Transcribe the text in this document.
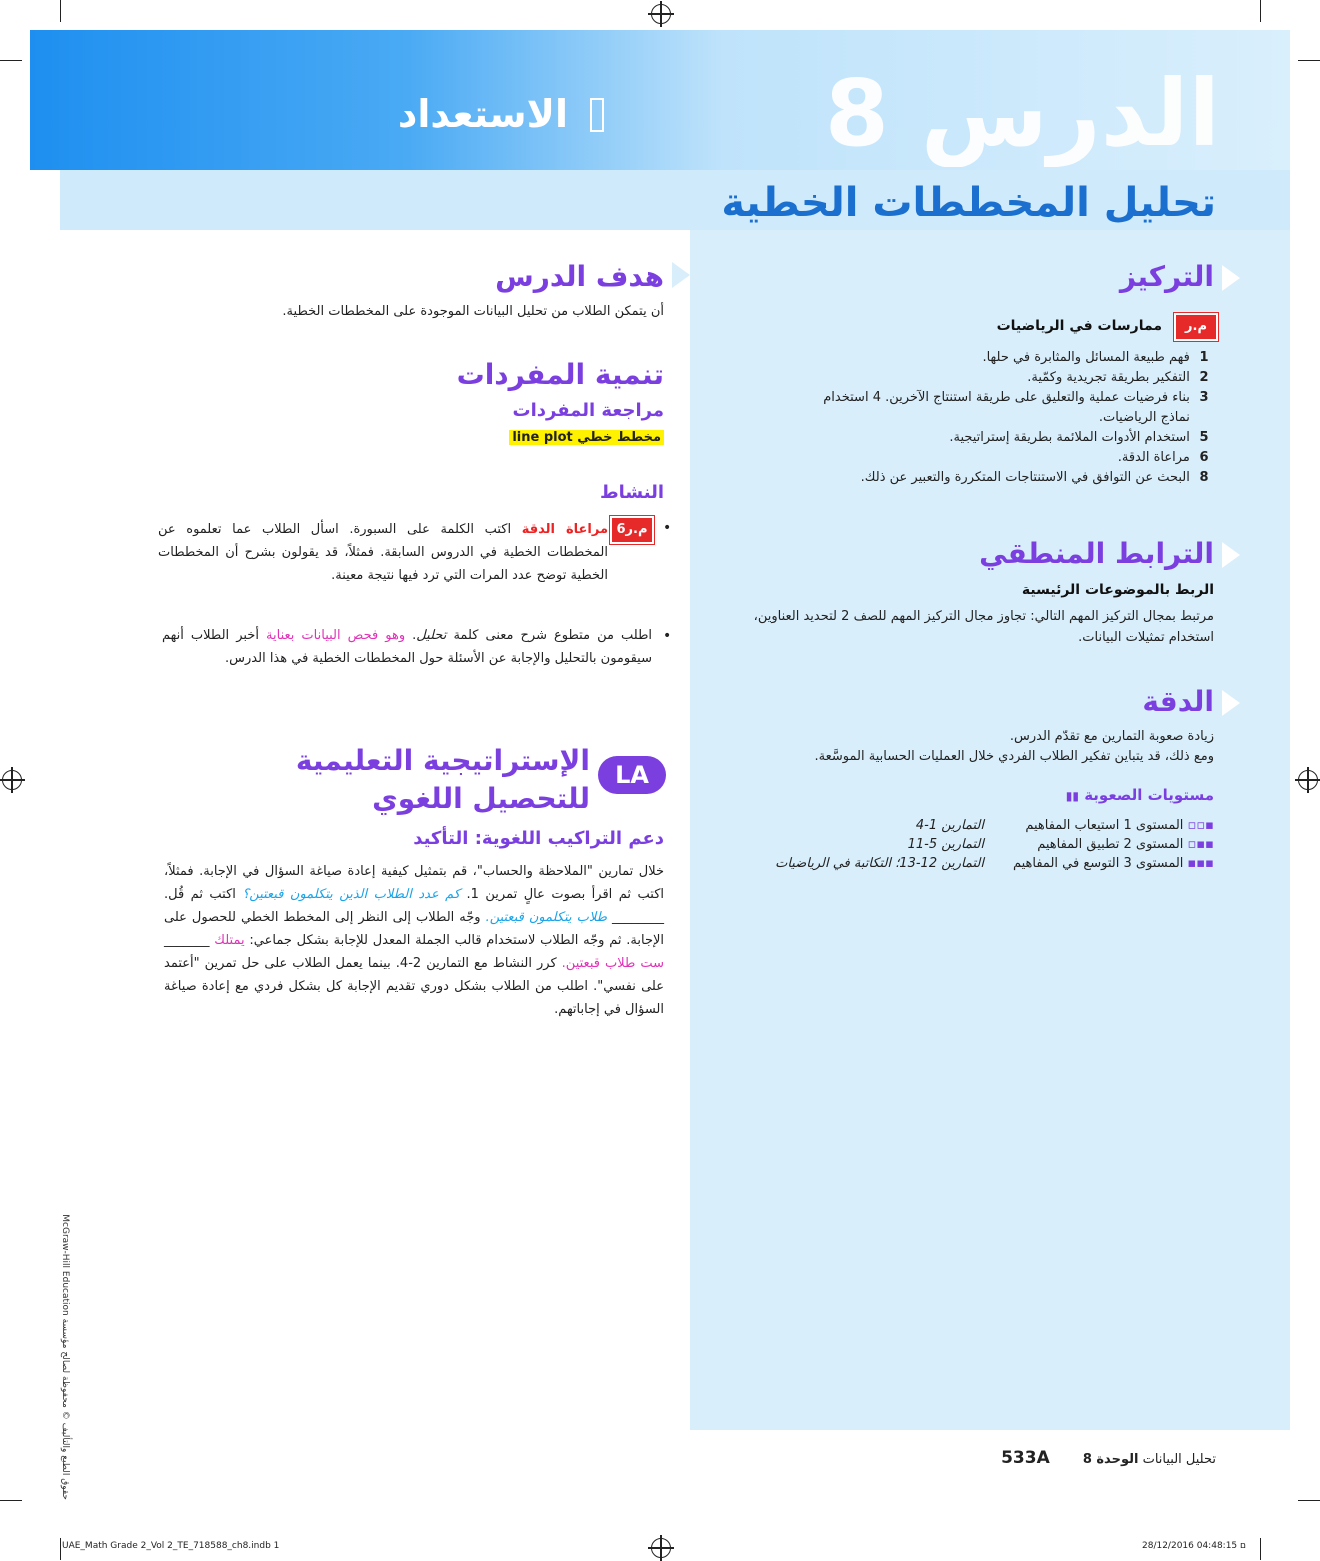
الدرس 8
تحليل المخططات الخطية
الاستعداد
التركيز
م.ر
ممارسات في الرياضيات
1 فهم طبيعة المسائل والمثابرة في حلها.
2 التفكير بطريقة تجريدية وكمّية.
3 بناء فرضيات عملية والتعليق على طريقة استنتاج الآخرين. 4 استخدام
نماذج الرياضيات.
5 استخدام الأدوات الملائمة بطريقة إستراتيجية.
6 مراعاة الدقة.
8 البحث عن التوافق في الاستنتاجات المتكررة والتعبير عن ذلك.
الترابط المنطقي
الربط بالموضوعات الرئيسية
مرتبط بمجال التركيز المهم التالي: تجاوز مجال التركيز المهم للصف 2 لتحديد العناوين، استخدام تمثيلات البيانات.
الدقة
زيادة صعوبة التمارين مع تقدّم الدرس.
ومع ذلك، قد يتباين تفكير الطلاب الفردي خلال العمليات الحسابية الموسَّعة.
مستويات الصعوبة ▮▮
▪▫▫ المستوى 1 استيعاب المفاهيم	التمارين 1-4
▪▪▫ المستوى 2 تطبيق المفاهيم	التمارين 5-11
▪▪▪ المستوى 3 التوسع في المفاهيم	التمارين 12-13؛ التكاتبة في الرياضيات
هدف الدرس
أن يتمكن الطلاب من تحليل البيانات الموجودة على المخططات الخطية.
تنمية المفردات
مراجعة المفردات
مخطط خطي line plot
النشاط
•
م.ر6
مراعاة الدقة اكتب الكلمة على السبورة. اسأل الطلاب عما تعلموه عن المخططات الخطية في الدروس السابقة. فمثلاً، قد يقولون بشرح أن المخططات الخطية توضح عدد المرات التي ترد فيها نتيجة معينة.
•
اطلب من متطوع شرح معنى كلمة تحليل. وهو فحص البيانات بعناية أخبر الطلاب أنهم سيقومون بالتحليل والإجابة عن الأسئلة حول المخططات الخطية في هذا الدرس.
LA
الإستراتيجية التعليمية للتحصيل اللغوي
دعم التراكيب اللغوية: التأكيد
خلال تمارين "الملاحظة والحساب"، قم بتمثيل كيفية إعادة صياغة السؤال في الإجابة. فمثلاً، اكتب ثم اقرأ بصوت عالٍ تمرين 1. كم عدد الطلاب الذين يتكلمون قبعتين؟ اكتب ثم قُل. ________ طلاب يتكلمون قبعتين. وجّه الطلاب إلى النظر إلى المخطط الخطي للحصول على الإجابة. ثم وجّه الطلاب لاستخدام قالب الجملة المعدل للإجابة بشكل جماعي: يمتلك _______ ست طلاب قبعتين. كرر النشاط مع التمارين 2-4. بينما يعمل الطلاب على حل تمرين "أعتمد على نفسي". اطلب من الطلاب بشكل دوري تقديم الإجابة كل بشكل فردي مع إعادة صياغة السؤال في إجاباتهم.
حقوق الطبع والتأليف © محفوظة لصالح مؤسسة McGraw-Hill Education	تحليل البيانات الوحدة 8        533A
UAE_Math Grade 2_Vol 2_TE_718588_ch8.indb 1	28/12/2016 04:48:15 ם
